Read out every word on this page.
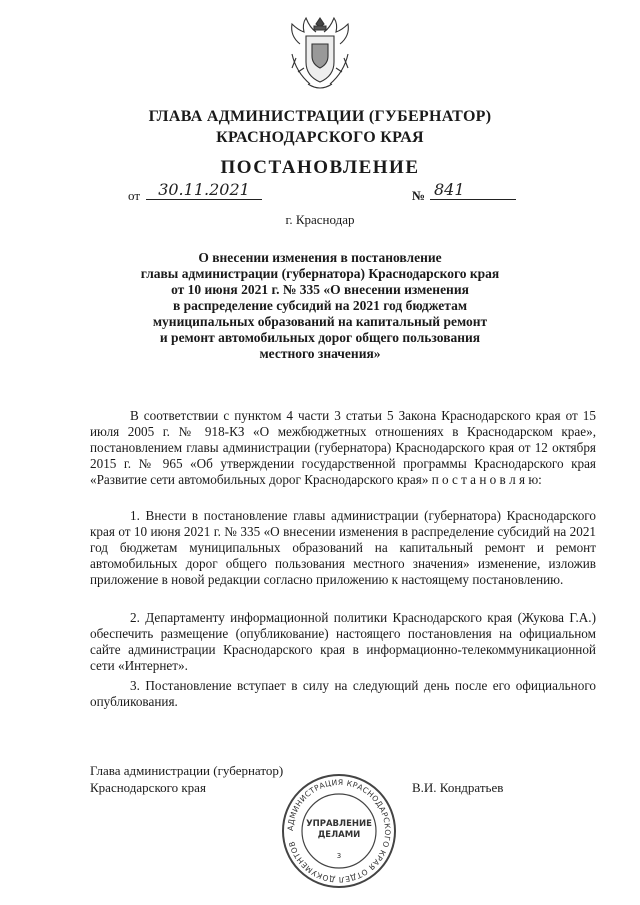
ГЛАВА АДМИНИСТРАЦИИ (ГУБЕРНАТОР)
КРАСНОДАРСКОГО КРАЯ
ПОСТАНОВЛЕНИЕ
от	30.11.2021	№ 841
г. Краснодар
О внесении изменения в постановление
главы администрации (губернатора) Краснодарского края
от 10 июня 2021 г. № 335 «О внесении изменения
в распределение субсидий на 2021 год бюджетам
муниципальных образований на капитальный ремонт
и ремонт автомобильных дорог общего пользования
местного значения»
В соответствии с пунктом 4 части 3 статьи 5 Закона Краснодарского края от 15 июля 2005 г. № 918-КЗ «О межбюджетных отношениях в Краснодарском крае», постановлением главы администрации (губернатора) Краснодарского края от 12 октября 2015 г. № 965 «Об утверждении государственной программы Краснодарского края «Развитие сети автомобильных дорог Краснодарского края» п о с т а н о в л я ю:
1. Внести в постановление главы администрации (губернатора) Краснодарского края от 10 июня 2021 г. № 335 «О внесении изменения в распределение субсидий на 2021 год бюджетам муниципальных образований на капитальный ремонт и ремонт автомобильных дорог общего пользования местного значения» изменение, изложив приложение в новой редакции согласно приложению к настоящему постановлению.
2. Департаменту информационной политики Краснодарского края (Жукова Г.А.) обеспечить размещение (опубликование) настоящего постановления на официальном сайте администрации Краснодарского края в информационно-телекоммуникационной сети «Интернет».
3. Постановление вступает в силу на следующий день после его официального опубликования.
Глава администрации (губернатор)
Краснодарского края	В.И. Кондратьев
АДМИНИСТРАЦИЯ КРАСНОДАРСКОГО КРАЯ ОТДЕЛ ДОКУМЕНТОВ
УПРАВЛЕНИЕ
ДЕЛАМИ
3
